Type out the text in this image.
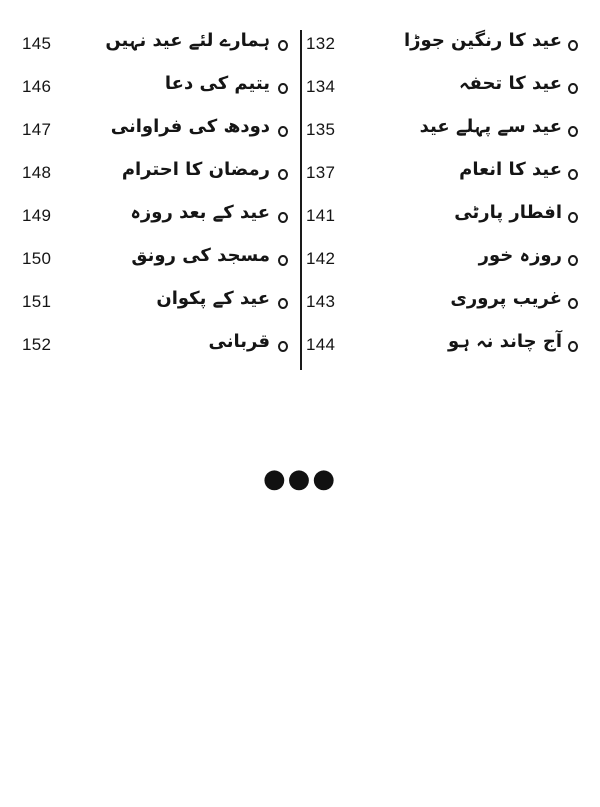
132	عید کا رنگین جوڑا
134	عید کا تحفہ
135	عید سے پہلے عید
137	عید کا انعام
141	افطار پارٹی
142	روزہ خور
143	غریب پروری
144	آج چاند نہ ہو
145	ہمارے لئے عید نہیں
146	یتیم کی دعا
147	دودھ کی فراوانی
148	رمضان کا احترام
149	عید کے بعد روزہ
150	مسجد کی رونق
151	عید کے پکوان
152	قربانی
●●●
